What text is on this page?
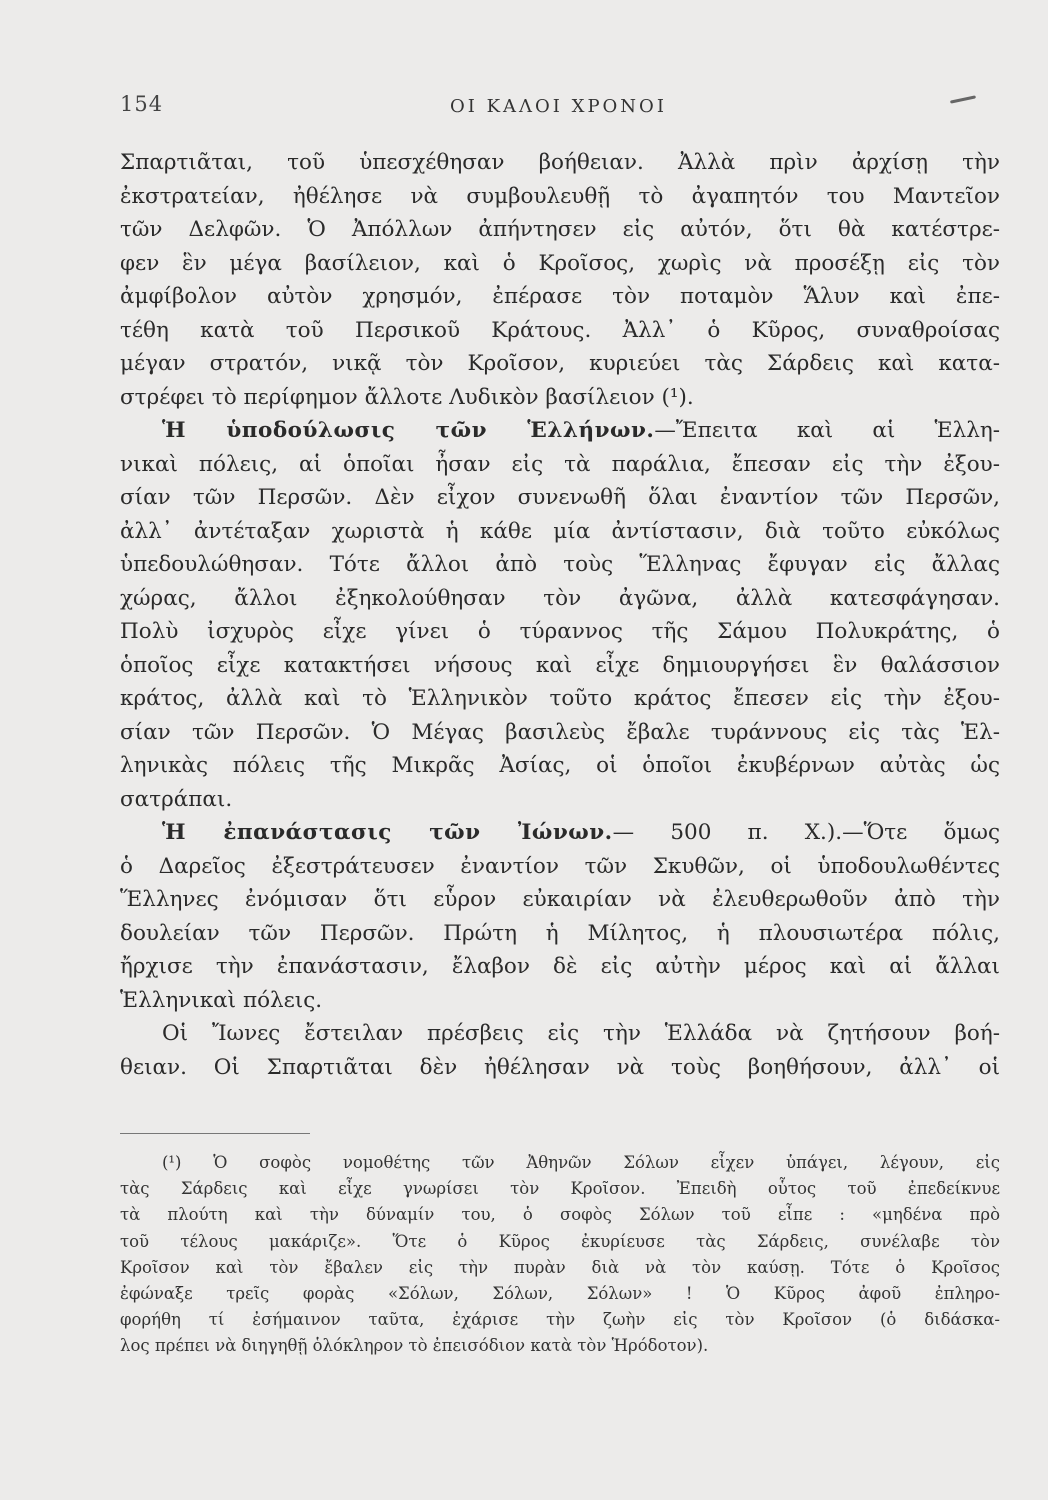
154	ΟΙ ΚΑΛΟΙ ΧΡΟΝΟΙ
Σπαρτιᾶται, τοῦ ὑπεσχέθησαν βοήθειαν. Ἀλλὰ πρὶν ἀρχίσῃ τὴν
ἐκστρατείαν, ἠθέλησε νὰ συμβουλευθῇ τὸ ἀγαπητόν του Μαντεῖον
τῶν Δελφῶν. Ὁ Ἀπόλλων ἀπήντησεν εἰς αὐτόν, ὅτι θὰ κατέστρε-
φεν ἓν μέγα βασίλειον, καὶ ὁ Κροῖσος, χωρὶς νὰ προσέξῃ εἰς τὸν
ἀμφίβολον αὐτὸν χρησμόν, ἐπέρασε τὸν ποταμὸν Ἅλυν καὶ ἐπε-
τέθη κατὰ τοῦ Περσικοῦ Κράτους. Ἀλλ᾽ ὁ Κῦρος, συναθροίσας
μέγαν στρατόν, νικᾷ τὸν Κροῖσον, κυριεύει τὰς Σάρδεις καὶ κατα-
στρέφει τὸ περίφημον ἄλλοτε Λυδικὸν βασίλειον (¹).
Ἡ ὑποδούλωσις τῶν Ἑλλήνων.—Ἔπειτα καὶ αἱ Ἑλλη-
νικαὶ πόλεις, αἱ ὁποῖαι ἦσαν εἰς τὰ παράλια, ἔπεσαν εἰς τὴν ἐξου-
σίαν τῶν Περσῶν. Δὲν εἶχον συνενωθῆ ὅλαι ἐναντίον τῶν Περσῶν,
ἀλλ᾽ ἀντέταξαν χωριστὰ ἡ κάθε μία ἀντίστασιν, διὰ τοῦτο εὐκόλως
ὑπεδουλώθησαν. Τότε ἄλλοι ἀπὸ τοὺς Ἕλληνας ἔφυγαν εἰς ἄλλας
χώρας, ἄλλοι ἐξηκολούθησαν τὸν ἀγῶνα, ἀλλὰ κατεσφάγησαν.
Πολὺ ἰσχυρὸς εἶχε γίνει ὁ τύραννος τῆς Σάμου Πολυκράτης, ὁ
ὁποῖος εἶχε κατακτήσει νήσους καὶ εἶχε δημιουργήσει ἓν θαλάσσιον
κράτος, ἀλλὰ καὶ τὸ Ἑλληνικὸν τοῦτο κράτος ἔπεσεν εἰς τὴν ἐξου-
σίαν τῶν Περσῶν. Ὁ Μέγας βασιλεὺς ἔβαλε τυράννους εἰς τὰς Ἑλ-
ληνικὰς πόλεις τῆς Μικρᾶς Ἀσίας, οἱ ὁποῖοι ἐκυβέρνων αὐτὰς ὡς
σατράπαι.
Ἡ ἐπανάστασις τῶν Ἰώνων.— 500 π. Χ.).—Ὅτε ὅμως
ὁ Δαρεῖος ἐξεστράτευσεν ἐναντίον τῶν Σκυθῶν, οἱ ὑποδουλωθέντες
Ἕλληνες ἐνόμισαν ὅτι εὗρον εὐκαιρίαν νὰ ἐλευθερωθοῦν ἀπὸ τὴν
δουλείαν τῶν Περσῶν. Πρώτη ἡ Μίλητος, ἡ πλουσιωτέρα πόλις,
ἤρχισε τὴν ἐπανάστασιν, ἔλαβον δὲ εἰς αὐτὴν μέρος καὶ αἱ ἄλλαι
Ἑλληνικαὶ πόλεις.
Οἱ Ἴωνες ἔστειλαν πρέσβεις εἰς τὴν Ἑλλάδα νὰ ζητήσουν βοή-
θειαν. Οἱ Σπαρτιᾶται δὲν ἠθέλησαν νὰ τοὺς βοηθήσουν, ἀλλ᾽ οἱ
(¹) Ὁ σοφὸς νομοθέτης τῶν Ἀθηνῶν Σόλων εἶχεν ὑπάγει, λέγουν, εἰς
τὰς Σάρδεις καὶ εἶχε γνωρίσει τὸν Κροῖσον. Ἐπειδὴ οὗτος τοῦ ἐπεδείκνυε
τὰ πλούτη καὶ τὴν δύναμίν του, ὁ σοφὸς Σόλων τοῦ εἶπε : «μηδένα πρὸ
τοῦ τέλους μακάριζε». Ὅτε ὁ Κῦρος ἐκυρίευσε τὰς Σάρδεις, συνέλαβε τὸν
Κροῖσον καὶ τὸν ἔβαλεν εἰς τὴν πυρὰν διὰ νὰ τὸν καύσῃ. Τότε ὁ Κροῖσος
ἐφώναξε τρεῖς φορὰς «Σόλων, Σόλων, Σόλων» ! Ὁ Κῦρος ἀφοῦ ἐπληρο-
φορήθη τί ἐσήμαινον ταῦτα, ἐχάρισε τὴν ζωὴν εἰς τὸν Κροῖσον (ὁ διδάσκα-
λος πρέπει νὰ διηγηθῇ ὁλόκληρον τὸ ἐπεισόδιον κατὰ τὸν Ἡρόδοτον).
